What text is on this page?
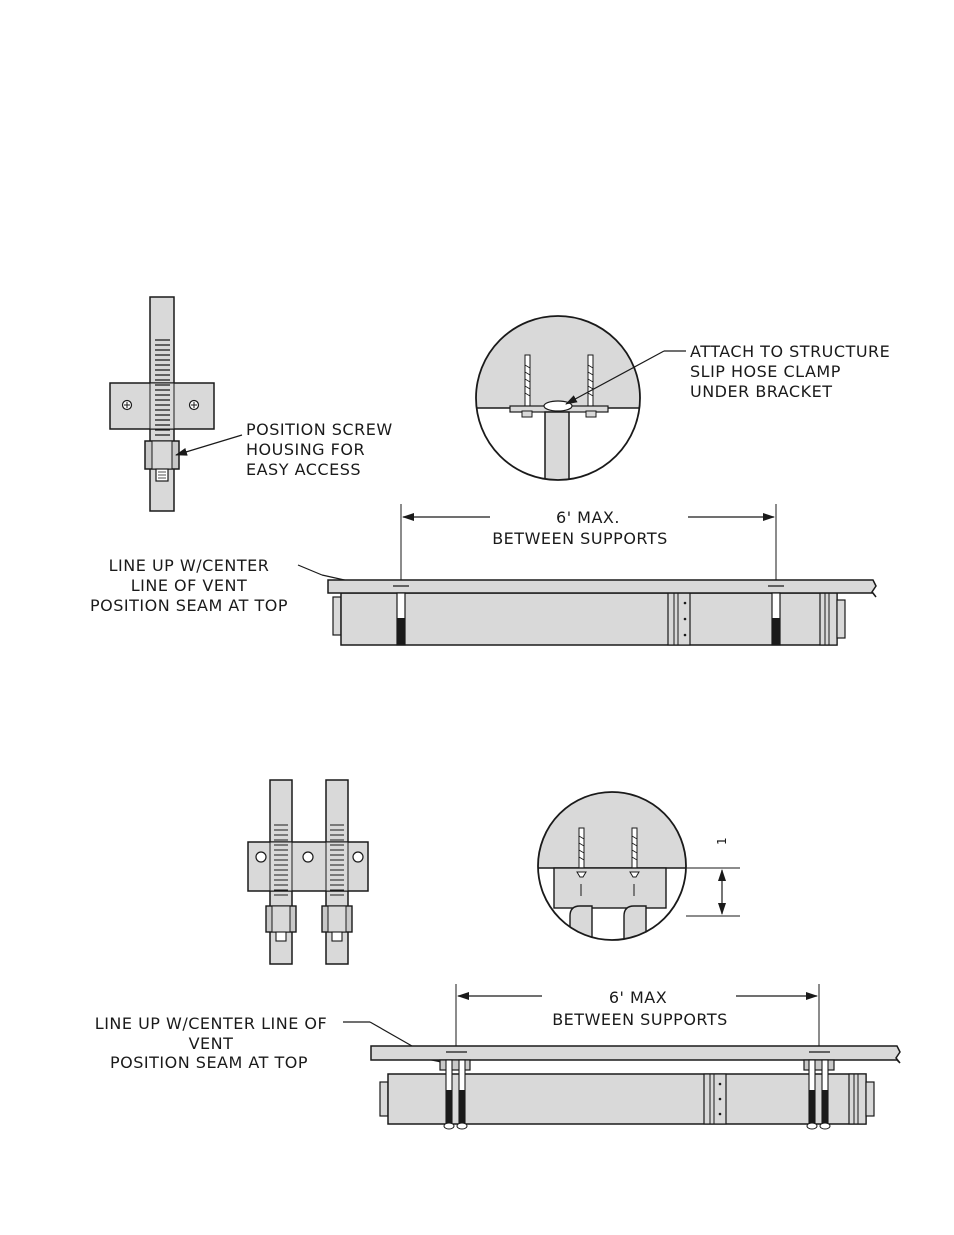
POSITION SCREW
HOUSING FOR
EASY ACCESS
ATTACH TO STRUCTURE
SLIP HOSE CLAMP
UNDER BRACKET
6' MAX.
BETWEEN SUPPORTS
LINE UP W/CENTER
LINE OF VENT
POSITION SEAM AT TOP
1
6' MAX
BETWEEN SUPPORTS
LINE UP W/CENTER LINE OF
VENT
POSITION SEAM AT TOP
